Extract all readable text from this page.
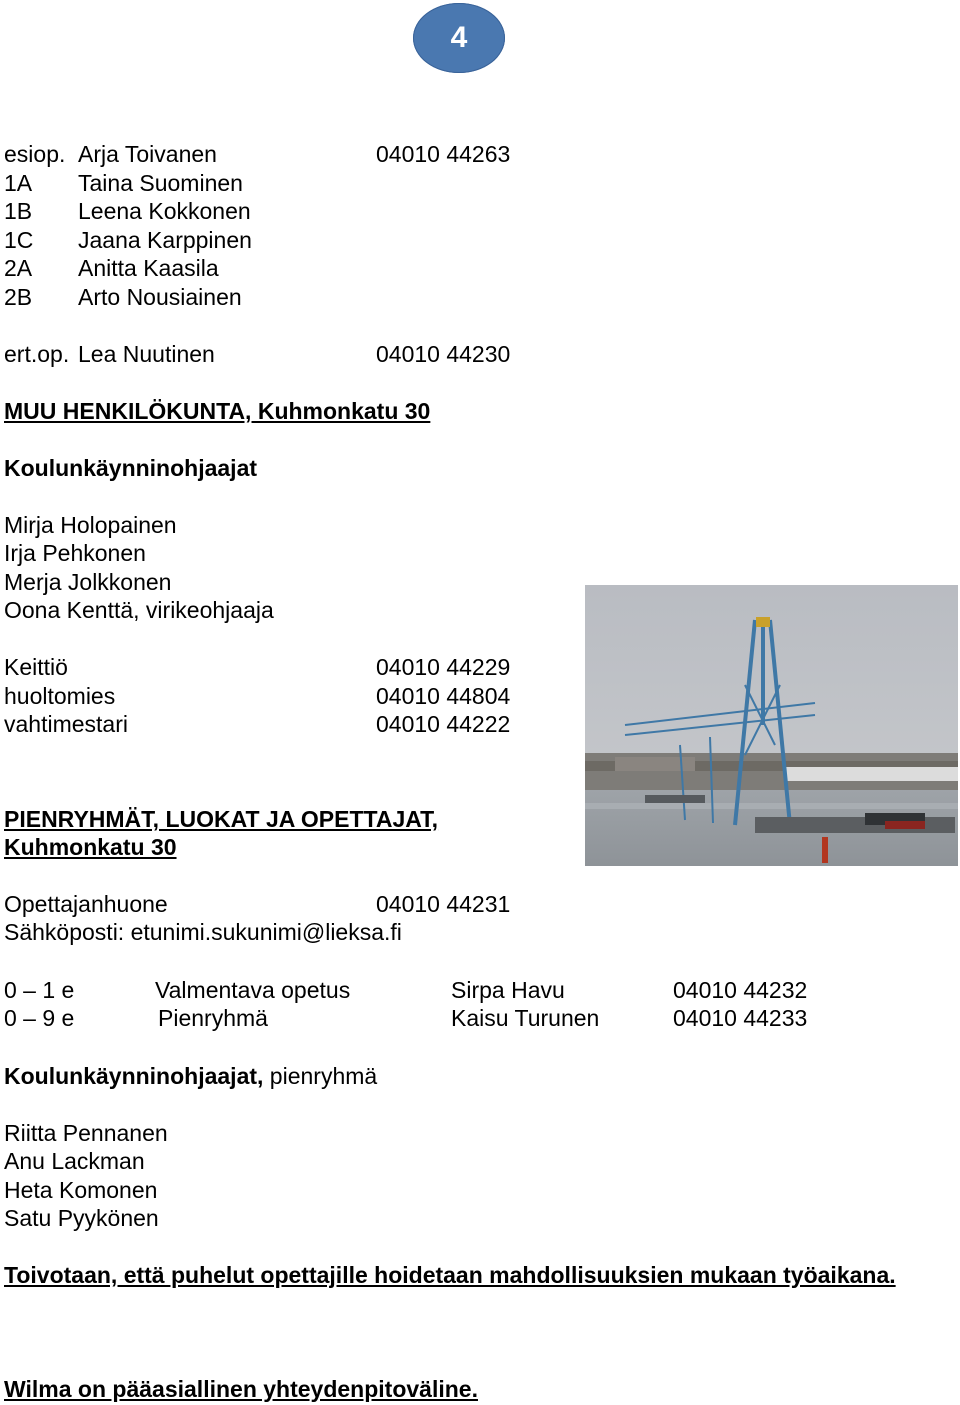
4
esiop. Arja Toivanen	04010 44263
1A Taina Suominen
1B Leena Kokkonen
1C Jaana Karppinen
2A Anitta Kaasila
2B Arto Nousiainen
ert.op. Lea Nuutinen	04010 44230
MUU HENKILÖKUNTA, Kuhmonkatu 30
Koulunkäynninohjaajat
Mirja Holopainen
Irja Pehkonen
Merja Jolkkonen
Oona Kenttä, virikeohjaaja
Keittiö	04010 44229
huoltomies	04010 44804
vahtimestari	04010 44222
PIENRYHMÄT, LUOKAT JA OPETTAJAT,
Kuhmonkatu 30
Opettajanhuone	04010 44231
Sähköposti: etunimi.sukunimi@lieksa.fi
0 – 1 e	Valmentava opetus	Sirpa Havu	04010 44232
0 – 9 e	Pienryhmä	Kaisu Turunen	04010 44233
Koulunkäynninohjaajat, pienryhmä
Riitta Pennanen
Anu Lackman
Heta Komonen
Satu Pyykönen
Toivotaan, että puhelut opettajille hoidetaan mahdollisuuksien mukaan työaikana.
Wilma on pääasiallinen yhteydenpitoväline.
